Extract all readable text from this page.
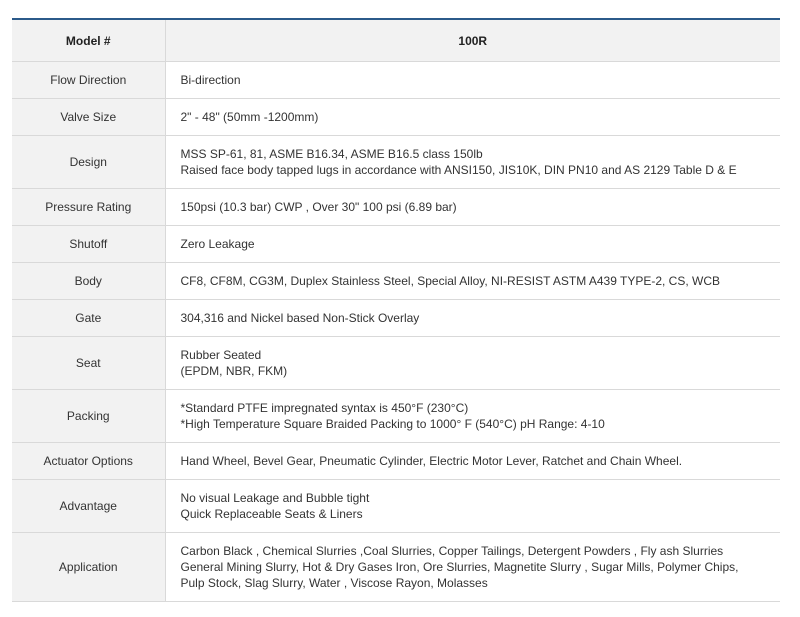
Model #	100R
Flow Direction	Bi-direction

Valve Size	2" - 48" (50mm -1200mm)

Design	MSS SP-61, 81, ASME B16.34, ASME B16.5 class 150lb
Raised face body tapped lugs in accordance with ANSI150, JIS10K, DIN PN10 and AS 2129 Table D & E

Pressure Rating	150psi (10.3 bar) CWP , Over 30" 100 psi (6.89 bar)

Shutoff	Zero Leakage

Body	CF8, CF8M, CG3M, Duplex Stainless Steel, Special Alloy, NI-RESIST ASTM A439 TYPE-2, CS, WCB

Gate	304,316 and Nickel based Non-Stick Overlay

Seat	Rubber Seated
(EPDM, NBR, FKM)

Packing	*Standard PTFE impregnated syntax is 450°F (230°C)
*High Temperature Square Braided Packing to 1000° F (540°C) pH Range: 4-10

Actuator Options	Hand Wheel, Bevel Gear, Pneumatic Cylinder, Electric Motor Lever, Ratchet and Chain Wheel.

Advantage	No visual Leakage and Bubble tight
Quick Replaceable Seats & Liners

Application	Carbon Black , Chemical Slurries ,Coal Slurries, Copper Tailings, Detergent Powders , Fly ash Slurries
General Mining Slurry, Hot & Dry Gases Iron, Ore Slurries, Magnetite Slurry , Sugar Mills, Polymer Chips,
Pulp Stock, Slag Slurry, Water , Viscose Rayon, Molasses
